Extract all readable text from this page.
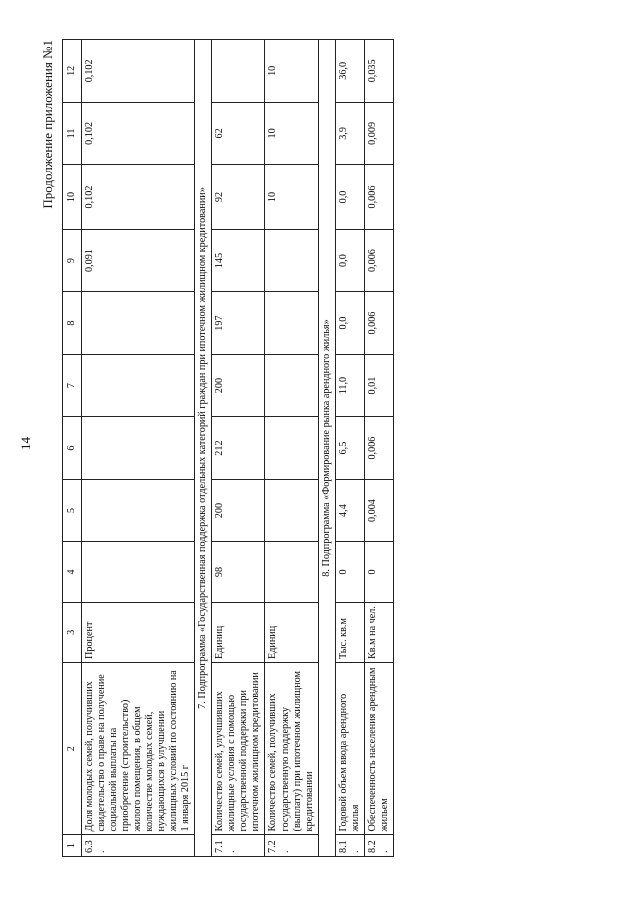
14
Продолжение приложения №1
1	2	3	4	5	6	7	8	9	10	11	12
6.3.	Доля молодых семей, получивших свидетельство о праве на получение социальной выплаты на приобретение (строительство) жилого помещения, в общем количестве молодых семей, нуждающихся в улучшении жилищных условий по состоянию на 1 января 2015 г	Процент						0,091	0,102	0,102	0,102
7. Подпрограмма «Государственная поддержка отдельных категорий граждан при ипотечном жилищном кредитовании»											
7.1.	Количество семей, улучшивших жилищные условия с помощью государственной поддержки при ипотечном жилищном кредитовании	Единиц	98	200	212	200	197	145	92	62	
7.2.	Количество семей, получивших государственную поддержку (выплату) при ипотечном жилищном кредитовании	Единиц							10	10	10
8. Подпрограмма «Формирование рынка арендного жилья»											
8.1.	Годовой объем ввода арендного жилья	Тыс. кв.м	0	4,4	6,5	11,0	0,0	0,0	0,0	3,9	36,0
8.2.	Обеспеченность населения арендным жильем	Кв.м на чел.	0	0,004	0,006	0,01	0,006	0,006	0,006	0,009	0,035
